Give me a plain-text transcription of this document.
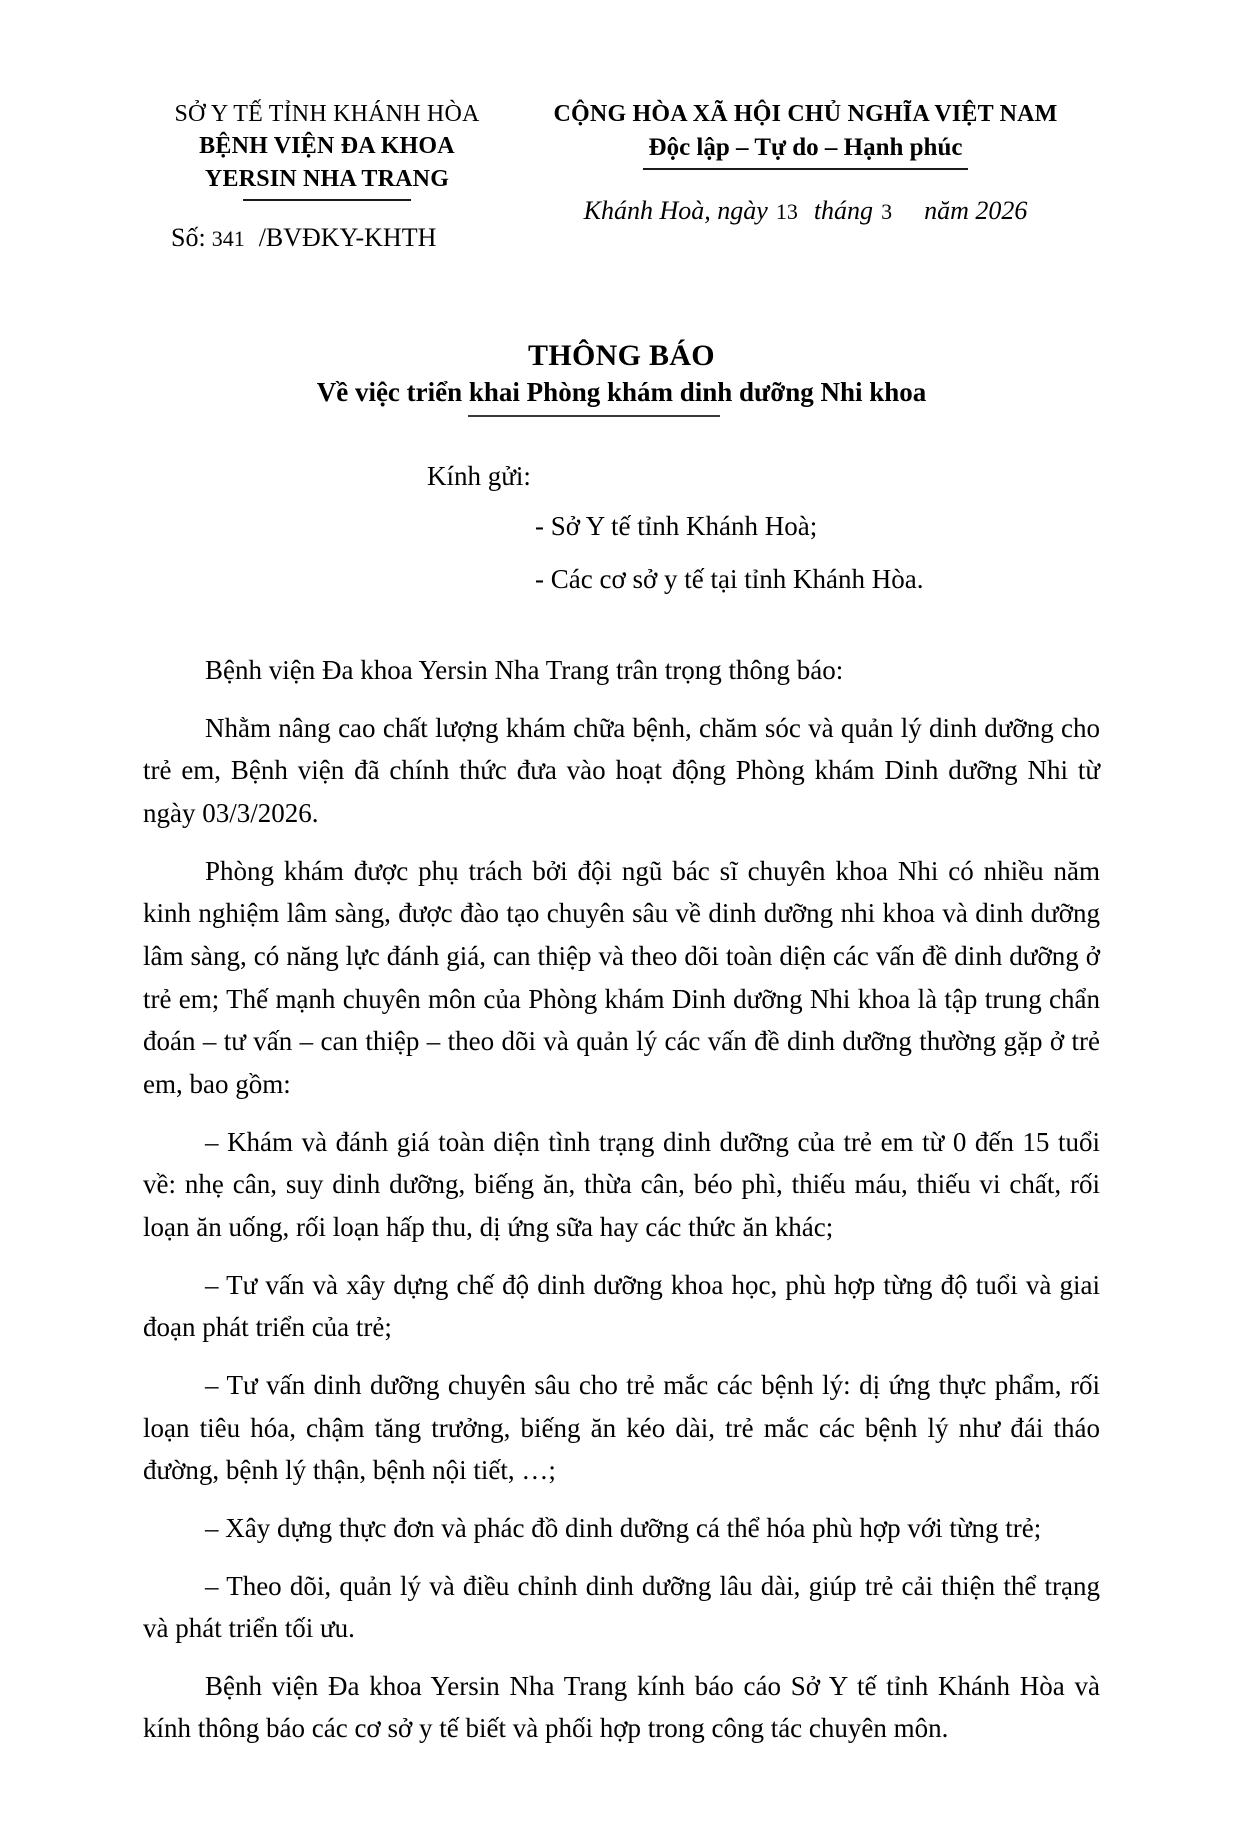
SỞ Y TẾ TỈNH KHÁNH HÒA
BỆNH VIỆN ĐA KHOA
YERSIN NHA TRANG
Số: 341 /BVĐKY-KHTH
CỘNG HÒA XÃ HỘI CHỦ NGHĨA VIỆT NAM
Độc lập – Tự do – Hạnh phúc
Khánh Hoà, ngày 13 tháng 3 năm 2026
THÔNG BÁO
Về việc triển khai Phòng khám dinh dưỡng Nhi khoa
Kính gửi:
- Sở Y tế tỉnh Khánh Hoà;
- Các cơ sở y tế tại tỉnh Khánh Hòa.

Bệnh viện Đa khoa Yersin Nha Trang trân trọng thông báo:

Nhằm nâng cao chất lượng khám chữa bệnh, chăm sóc và quản lý dinh dưỡng cho trẻ em, Bệnh viện đã chính thức đưa vào hoạt động Phòng khám Dinh dưỡng Nhi từ ngày 03/3/2026.

Phòng khám được phụ trách bởi đội ngũ bác sĩ chuyên khoa Nhi có nhiều năm kinh nghiệm lâm sàng, được đào tạo chuyên sâu về dinh dưỡng nhi khoa và dinh dưỡng lâm sàng, có năng lực đánh giá, can thiệp và theo dõi toàn diện các vấn đề dinh dưỡng ở trẻ em; Thế mạnh chuyên môn của Phòng khám Dinh dưỡng Nhi khoa là tập trung chẩn đoán – tư vấn – can thiệp – theo dõi và quản lý các vấn đề dinh dưỡng thường gặp ở trẻ em, bao gồm:

– Khám và đánh giá toàn diện tình trạng dinh dưỡng của trẻ em từ 0 đến 15 tuổi về: nhẹ cân, suy dinh dưỡng, biếng ăn, thừa cân, béo phì, thiếu máu, thiếu vi chất, rối loạn ăn uống, rối loạn hấp thu, dị ứng sữa hay các thức ăn khác;

– Tư vấn và xây dựng chế độ dinh dưỡng khoa học, phù hợp từng độ tuổi và giai đoạn phát triển của trẻ;

– Tư vấn dinh dưỡng chuyên sâu cho trẻ mắc các bệnh lý: dị ứng thực phẩm, rối loạn tiêu hóa, chậm tăng trưởng, biếng ăn kéo dài, trẻ mắc các bệnh lý như đái tháo đường, bệnh lý thận, bệnh nội tiết, …;

– Xây dựng thực đơn và phác đồ dinh dưỡng cá thể hóa phù hợp với từng trẻ;

– Theo dõi, quản lý và điều chỉnh dinh dưỡng lâu dài, giúp trẻ cải thiện thể trạng và phát triển tối ưu.

Bệnh viện Đa khoa Yersin Nha Trang kính báo cáo Sở Y tế tỉnh Khánh Hòa và kính thông báo các cơ sở y tế biết và phối hợp trong công tác chuyên môn.
